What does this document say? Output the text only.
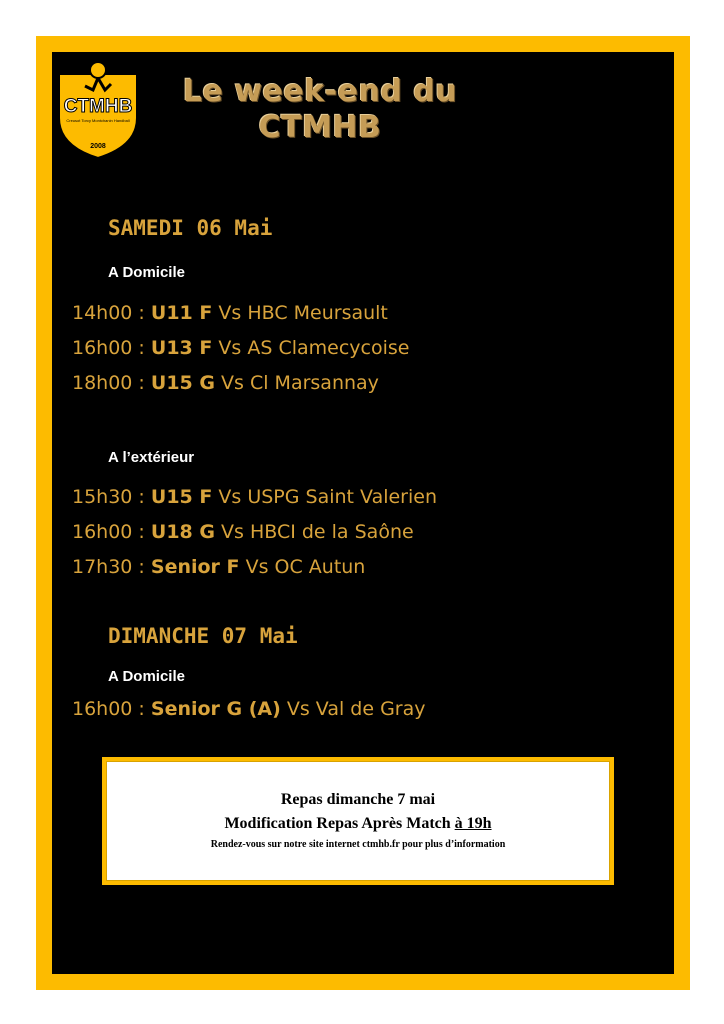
CTMHB
Creusot Torcy Montchanin Handball
2008
Le week-end du
CTMHB
SAMEDI 06 Mai
A Domicile
14h00 : U11 F Vs HBC Meursault
16h00 : U13 F Vs AS Clamecycoise
18h00 : U15 G Vs Cl Marsannay
A l’extérieur
15h30 : U15 F Vs USPG Saint Valerien
16h00 : U18 G Vs HBCI de la Saône
17h30 : Senior F Vs OC Autun
DIMANCHE 07 Mai
A Domicile
16h00 : Senior G (A) Vs Val de Gray
Repas dimanche 7 mai
Modification Repas Après Match à 19h
Rendez-vous sur notre site internet ctmhb.fr pour plus d’information
